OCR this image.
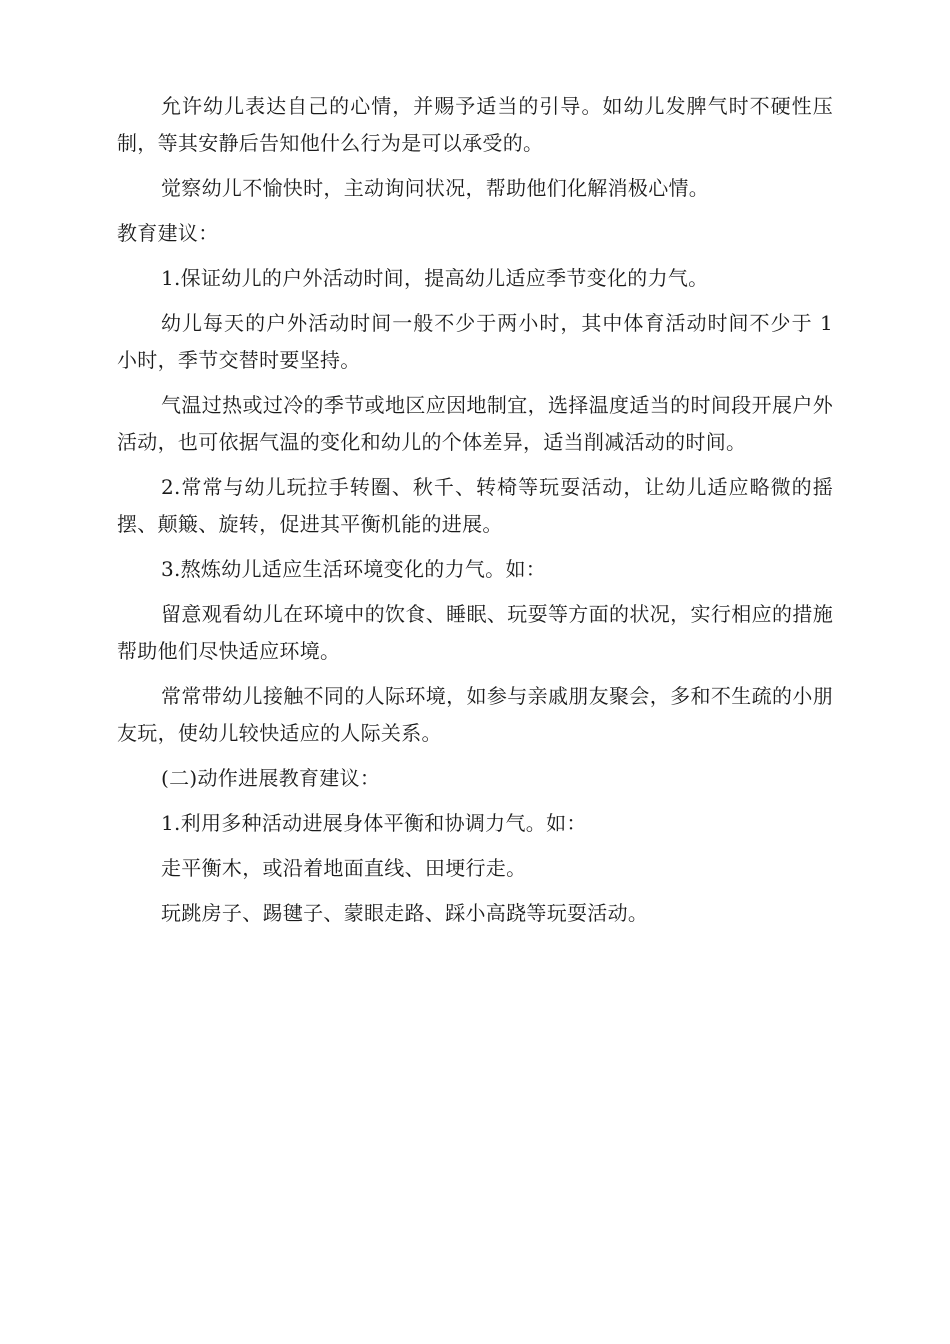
允许幼儿表达自己的心情，并赐予适当的引导。如幼儿发脾气时不硬性压制，等其安静后告知他什么行为是可以承受的。

觉察幼儿不愉快时，主动询问状况，帮助他们化解消极心情。

教育建议：

1.保证幼儿的户外活动时间，提高幼儿适应季节变化的力气。

幼儿每天的户外活动时间一般不少于两小时，其中体育活动时间不少于 1 小时，季节交替时要坚持。

气温过热或过冷的季节或地区应因地制宜，选择温度适当的时间段开展户外活动，也可依据气温的变化和幼儿的个体差异，适当削减活动的时间。

2.常常与幼儿玩拉手转圈、秋千、转椅等玩耍活动，让幼儿适应略微的摇摆、颠簸、旋转，促进其平衡机能的进展。

3.熬炼幼儿适应生活环境变化的力气。如：

留意观看幼儿在环境中的饮食、睡眠、玩耍等方面的状况，实行相应的措施帮助他们尽快适应环境。

常常带幼儿接触不同的人际环境，如参与亲戚朋友聚会，多和不生疏的小朋友玩，使幼儿较快适应的人际关系。

(二)动作进展教育建议：

1.利用多种活动进展身体平衡和协调力气。如：

走平衡木，或沿着地面直线、田埂行走。

玩跳房子、踢毽子、蒙眼走路、踩小高跷等玩耍活动。
